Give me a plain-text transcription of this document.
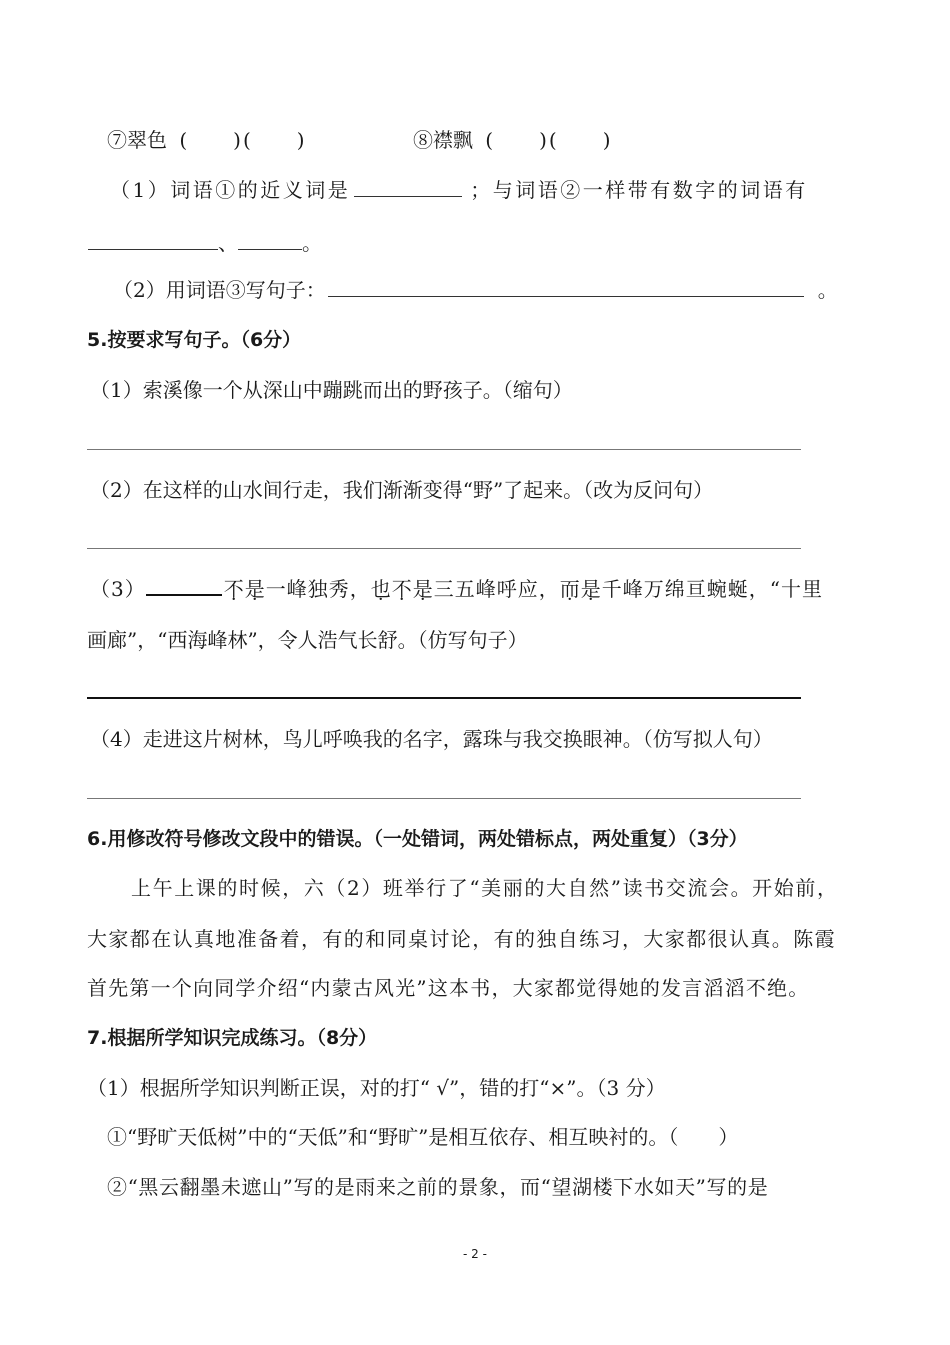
⑦翠色 (　　)(　　)	⑧襟飘 (　　)(　　)
（1）词语①的近义词是	；与词语②一样带有数字的词语有
、	。
（2）用词语③写句子：	。
5.按要求写句子。（6分）
（1）索溪像一个从深山中蹦跳而出的野孩子。（缩句）
（2）在这样的山水间行走，我们渐渐变得“野”了起来。（改为反问句）
（3）	不是一峰独秀，也不是三五峰呼应，而是千峰万绵亘蜿蜒，“十里
画廊”，“西海峰林”，令人浩气长舒。（仿写句子）
（4）走进这片树林，鸟儿呼唤我的名字，露珠与我交换眼神。（仿写拟人句）
6.用修改符号修改文段中的错误。（一处错词，两处错标点，两处重复）（3分）
上午上课的时候，六（2）班举行了“美丽的大自然”读书交流会。开始前，
大家都在认真地准备着，有的和同桌讨论，有的独自练习，大家都很认真。陈霞
首先第一个向同学介绍“内蒙古风光”这本书，大家都觉得她的发言滔滔不绝。
7.根据所学知识完成练习。（8分）
（1）根据所学知识判断正误，对的打“ √”，错的打“×”。（3 分）
①“野旷天低树”中的“天低”和“野旷”是相互依存、相互映衬的。（　　）
②“黑云翻墨未遮山”写的是雨来之前的景象，而“望湖楼下水如天”写的是
- 2 -
